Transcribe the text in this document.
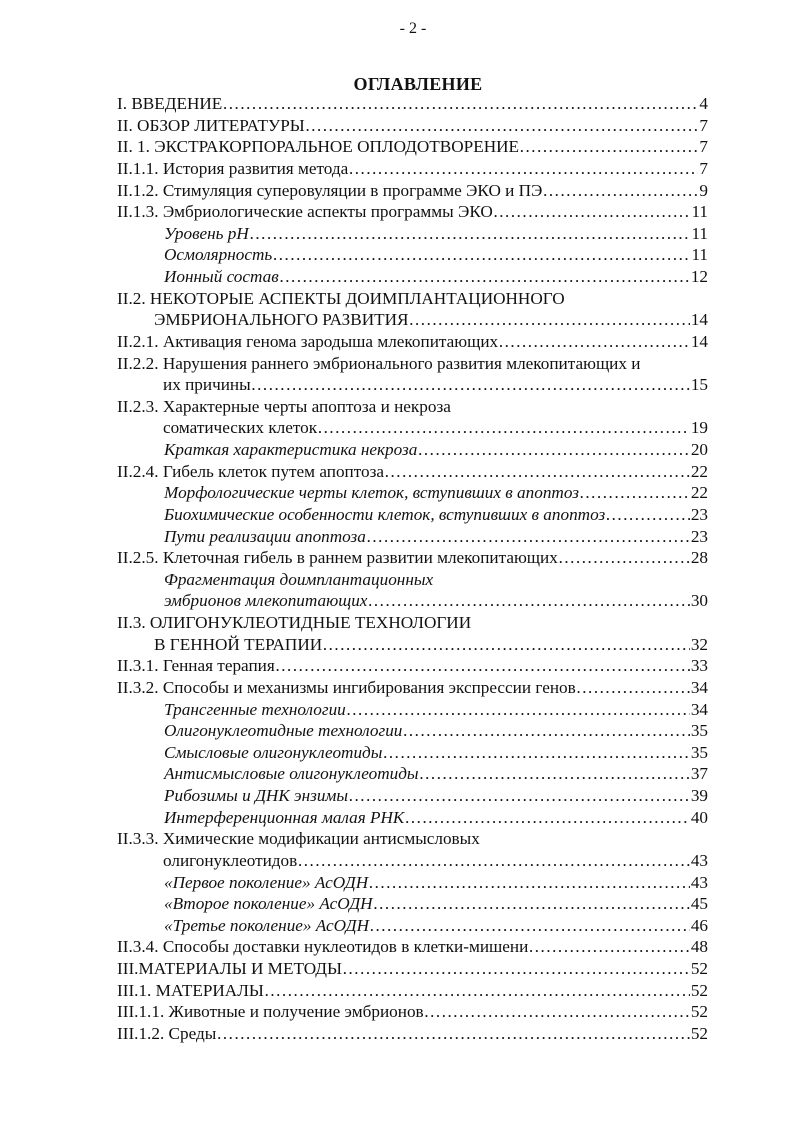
- 2 -
ОГЛАВЛЕНИЕ
I. ВВЕДЕНИЕ ………………………………………………………………………………………………………………………………………………………………	4
II. ОБЗОР ЛИТЕРАТУРЫ ………………………………………………………………………………………………………………………………………………………………	7
II. 1. ЭКСТРАКОРПОРАЛЬНОЕ ОПЛОДОТВОРЕНИЕ ………………………………………………………………………………………………………………………………………………………………	7
II.1.1. История развития метода ………………………………………………………………………………………………………………………………………………………………	7
II.1.2. Стимуляция суперовуляции в программе ЭКО и ПЭ ………………………………………………………………………………………………………………………………………………………………	9
II.1.3. Эмбриологические аспекты программы ЭКО ………………………………………………………………………………………………………………………………………………………………	11
Уровень pH ………………………………………………………………………………………………………………………………………………………………	11
Осмолярность ………………………………………………………………………………………………………………………………………………………………	11
Ионный состав ………………………………………………………………………………………………………………………………………………………………	12
II.2. НЕКОТОРЫЕ АСПЕКТЫ ДОИМПЛАНТАЦИОННОГО
ЭМБРИОНАЛЬНОГО РАЗВИТИЯ ………………………………………………………………………………………………………………………………………………………………	14
II.2.1. Активация генома зародыша млекопитающих ………………………………………………………………………………………………………………………………………………………………	14
II.2.2. Нарушения раннего эмбрионального развития млекопитающих и
их причины ………………………………………………………………………………………………………………………………………………………………	15
II.2.3. Характерные черты апоптоза и некроза
соматических клеток ………………………………………………………………………………………………………………………………………………………………	19
Краткая характеристика некроза ………………………………………………………………………………………………………………………………………………………………	20
II.2.4. Гибель клеток путем апоптоза ………………………………………………………………………………………………………………………………………………………………	22
Морфологические черты клеток, вступивших в апоптоз ………………………………………………………………………………………………………………………………………………………………	22
Биохимические особенности клеток, вступивших в апоптоз ………………………………………………………………………………………………………………………………………………………………	23
Пути реализации апоптоза ………………………………………………………………………………………………………………………………………………………………	23
II.2.5. Клеточная гибель в раннем развитии млекопитающих ………………………………………………………………………………………………………………………………………………………………	28
Фрагментация доимплантационных
эмбрионов млекопитающих ………………………………………………………………………………………………………………………………………………………………	30
II.3. ОЛИГОНУКЛЕОТИДНЫЕ ТЕХНОЛОГИИ
В ГЕННОЙ ТЕРАПИИ ………………………………………………………………………………………………………………………………………………………………	32
II.3.1. Генная терапия ………………………………………………………………………………………………………………………………………………………………	33
II.3.2. Способы и механизмы ингибирования экспрессии генов ………………………………………………………………………………………………………………………………………………………………	34
Трансгенные технологии ………………………………………………………………………………………………………………………………………………………………	34
Олигонуклеотидные технологии ………………………………………………………………………………………………………………………………………………………………	35
Смысловые олигонуклеотиды ………………………………………………………………………………………………………………………………………………………………	35
Антисмысловые олигонуклеотиды ………………………………………………………………………………………………………………………………………………………………	37
Рибозимы и ДНК энзимы ………………………………………………………………………………………………………………………………………………………………	39
Интерференционная малая РНК ………………………………………………………………………………………………………………………………………………………………	40
II.3.3. Химические модификации антисмысловых
олигонуклеотидов ………………………………………………………………………………………………………………………………………………………………	43
«Первое поколение» АсОДН ………………………………………………………………………………………………………………………………………………………………	43
«Второе поколение» АсОДН ………………………………………………………………………………………………………………………………………………………………	45
«Третье поколение» АсОДН ………………………………………………………………………………………………………………………………………………………………	46
II.3.4. Способы доставки нуклеотидов в клетки-мишени ………………………………………………………………………………………………………………………………………………………………	48
III.МАТЕРИАЛЫ И МЕТОДЫ ………………………………………………………………………………………………………………………………………………………………	52
III.1. МАТЕРИАЛЫ ………………………………………………………………………………………………………………………………………………………………	52
III.1.1. Животные и получение эмбрионов ………………………………………………………………………………………………………………………………………………………………	52
III.1.2. Среды ………………………………………………………………………………………………………………………………………………………………	52
